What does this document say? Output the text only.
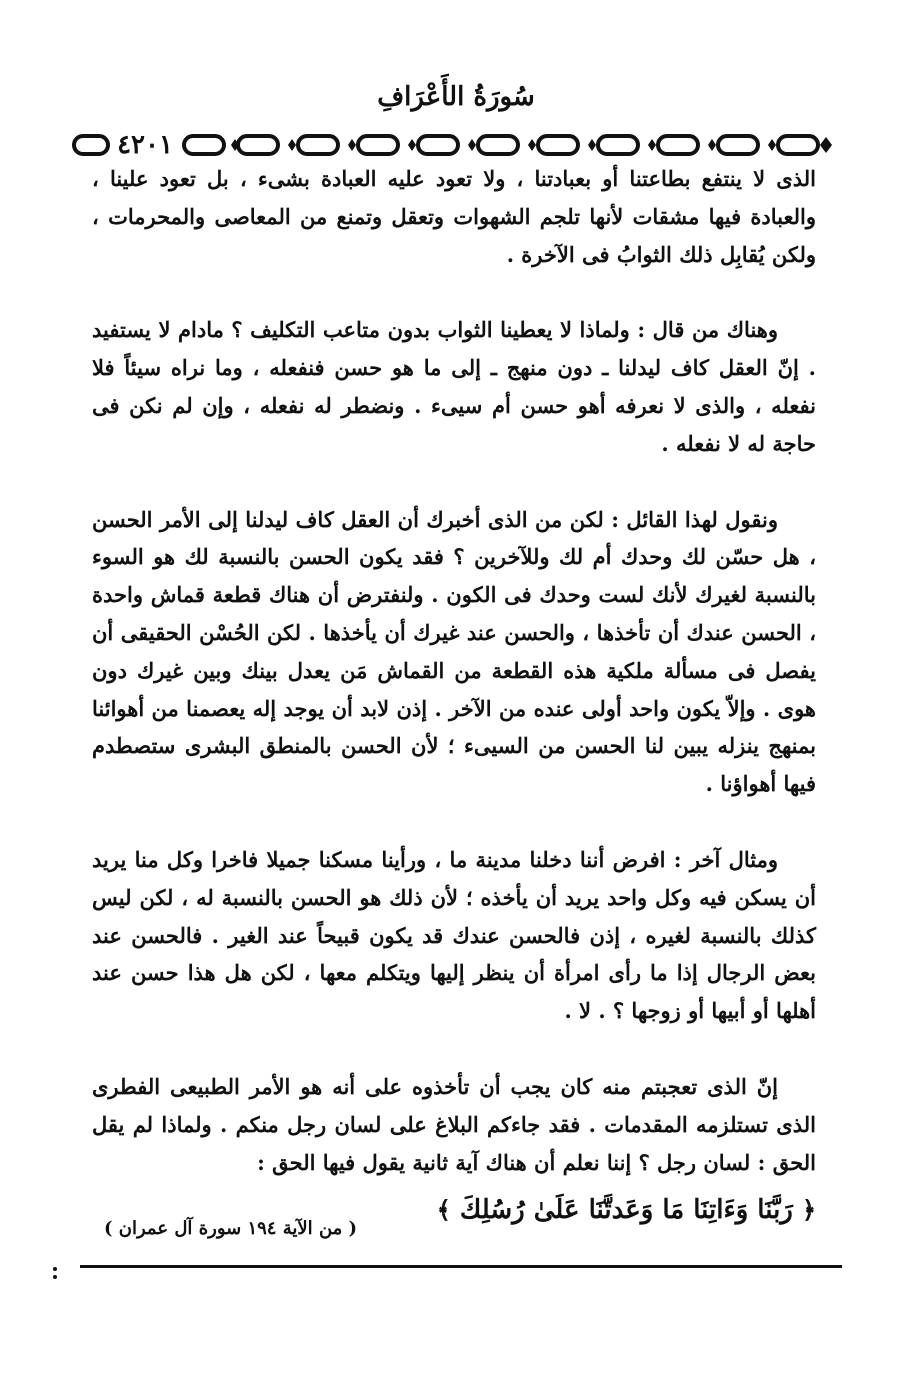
سُورَةُ الأَعْرَافِ
٤٢٠١

الذى لا ينتفع بطاعتنا أو بعبادتنا ، ولا تعود عليه العبادة بشىء ، بل تعود علينا ، والعبادة فيها مشقات لأنها تلجم الشهوات وتعقل وتمنع من المعاصى والمحرمات ، ولكن يُقابِل ذلك الثوابُ فى الآخرة .

وهناك من قال : ولماذا لا يعطينا الثواب بدون متاعب التكليف ؟ مادام لا يستفيد . إنّ العقل كاف ليدلنا ـ دون منهج ـ إلى ما هو حسن فنفعله ، وما نراه سيئاً فلا نفعله ، والذى لا نعرفه أهو حسن أم سيىء . ونضطر له نفعله ، وإن لم نكن فى حاجة له لا نفعله .

ونقول لهذا القائل : لكن من الذى أخبرك أن العقل كاف ليدلنا إلى الأمر الحسن ، هل حسّن لك وحدك أم لك وللآخرين ؟ فقد يكون الحسن بالنسبة لك هو السوء بالنسبة لغيرك لأنك لست وحدك فى الكون . ولنفترض أن هناك قطعة قماش واحدة ، الحسن عندك أن تأخذها ، والحسن عند غيرك أن يأخذها . لكن الحُسْن الحقيقى أن يفصل فى مسألة ملكية هذه القطعة من القماش مَن يعدل بينك وبين غيرك دون هوى . وإلاّ يكون واحد أولى عنده من الآخر . إذن لابد أن يوجد إله يعصمنا من أهوائنا بمنهج ينزله يبين لنا الحسن من السيىء ؛ لأن الحسن بالمنطق البشرى ستصطدم فيها أهواؤنا .

ومثال آخر : افرض أننا دخلنا مدينة ما ، ورأينا مسكنا جميلا فاخرا وكل منا يريد أن يسكن فيه وكل واحد يريد أن يأخذه ؛ لأن ذلك هو الحسن بالنسبة له ، لكن ليس كذلك بالنسبة لغيره ، إذن فالحسن عندك قد يكون قبيحاً عند الغير . فالحسن عند بعض الرجال إذا ما رأى امرأة أن ينظر إليها ويتكلم معها ، لكن هل هذا حسن عند أهلها أو أبيها أو زوجها ؟ . لا .

إنّ الذى تعجبتم منه كان يجب أن تأخذوه على أنه هو الأمر الطبيعى الفطرى الذى تستلزمه المقدمات . فقد جاءكم البلاغ على لسان رجل منكم . ولماذا لم يقل الحق : لسان رجل ؟ إننا نعلم أن هناك آية ثانية يقول فيها الحق :

﴿ رَبَّنَا وَءَاتِنَا مَا وَعَدتَّنَا عَلَىٰ رُسُلِكَ ﴾
( من الآية ١٩٤ سورة آل عمران )
